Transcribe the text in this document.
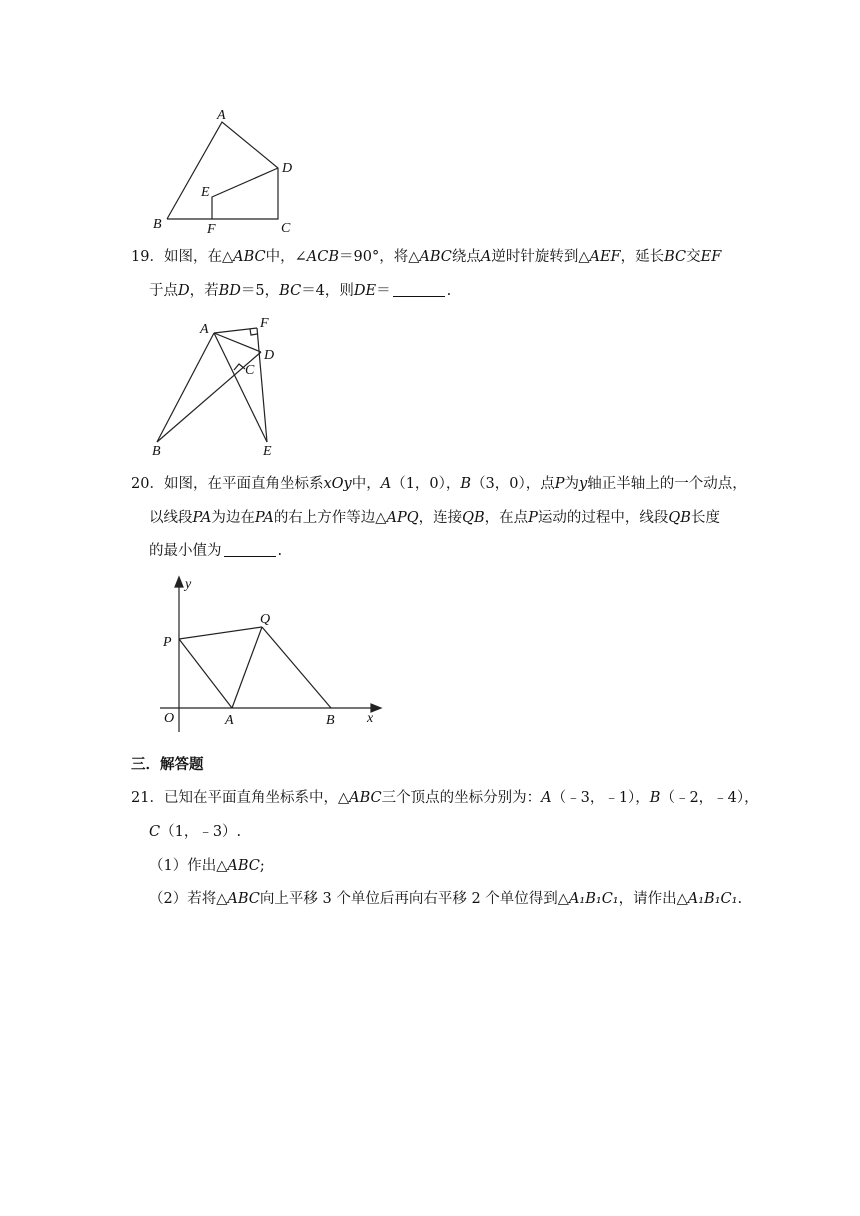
A
B	C
D
E
F
19．如图，在△ABC中，∠ACB＝90°，将△ABC绕点A逆时针旋转到△AEF，延长BC交EF
于点D，若BD＝5，BC＝4，则DE＝	.
A	F
D
C
B	E
20．如图，在平面直角坐标系xOy中，A（1，0），B（3，0），点P为y轴正半轴上的一个动点，
以线段PA为边在PA的右上方作等边△APQ，连接QB，在点P运动的过程中，线段QB长度
的最小值为	.
y
P
Q
O	A	B x
三．解答题
21．已知在平面直角坐标系中，△ABC三个顶点的坐标分别为：A（﹣3，﹣1），B（﹣2，﹣4），
C（1，﹣3）.
（1）作出△ABC;
（2）若将△ABC向上平移 3 个单位后再向右平移 2 个单位得到△A₁B₁C₁，请作出△A₁B₁C₁.
